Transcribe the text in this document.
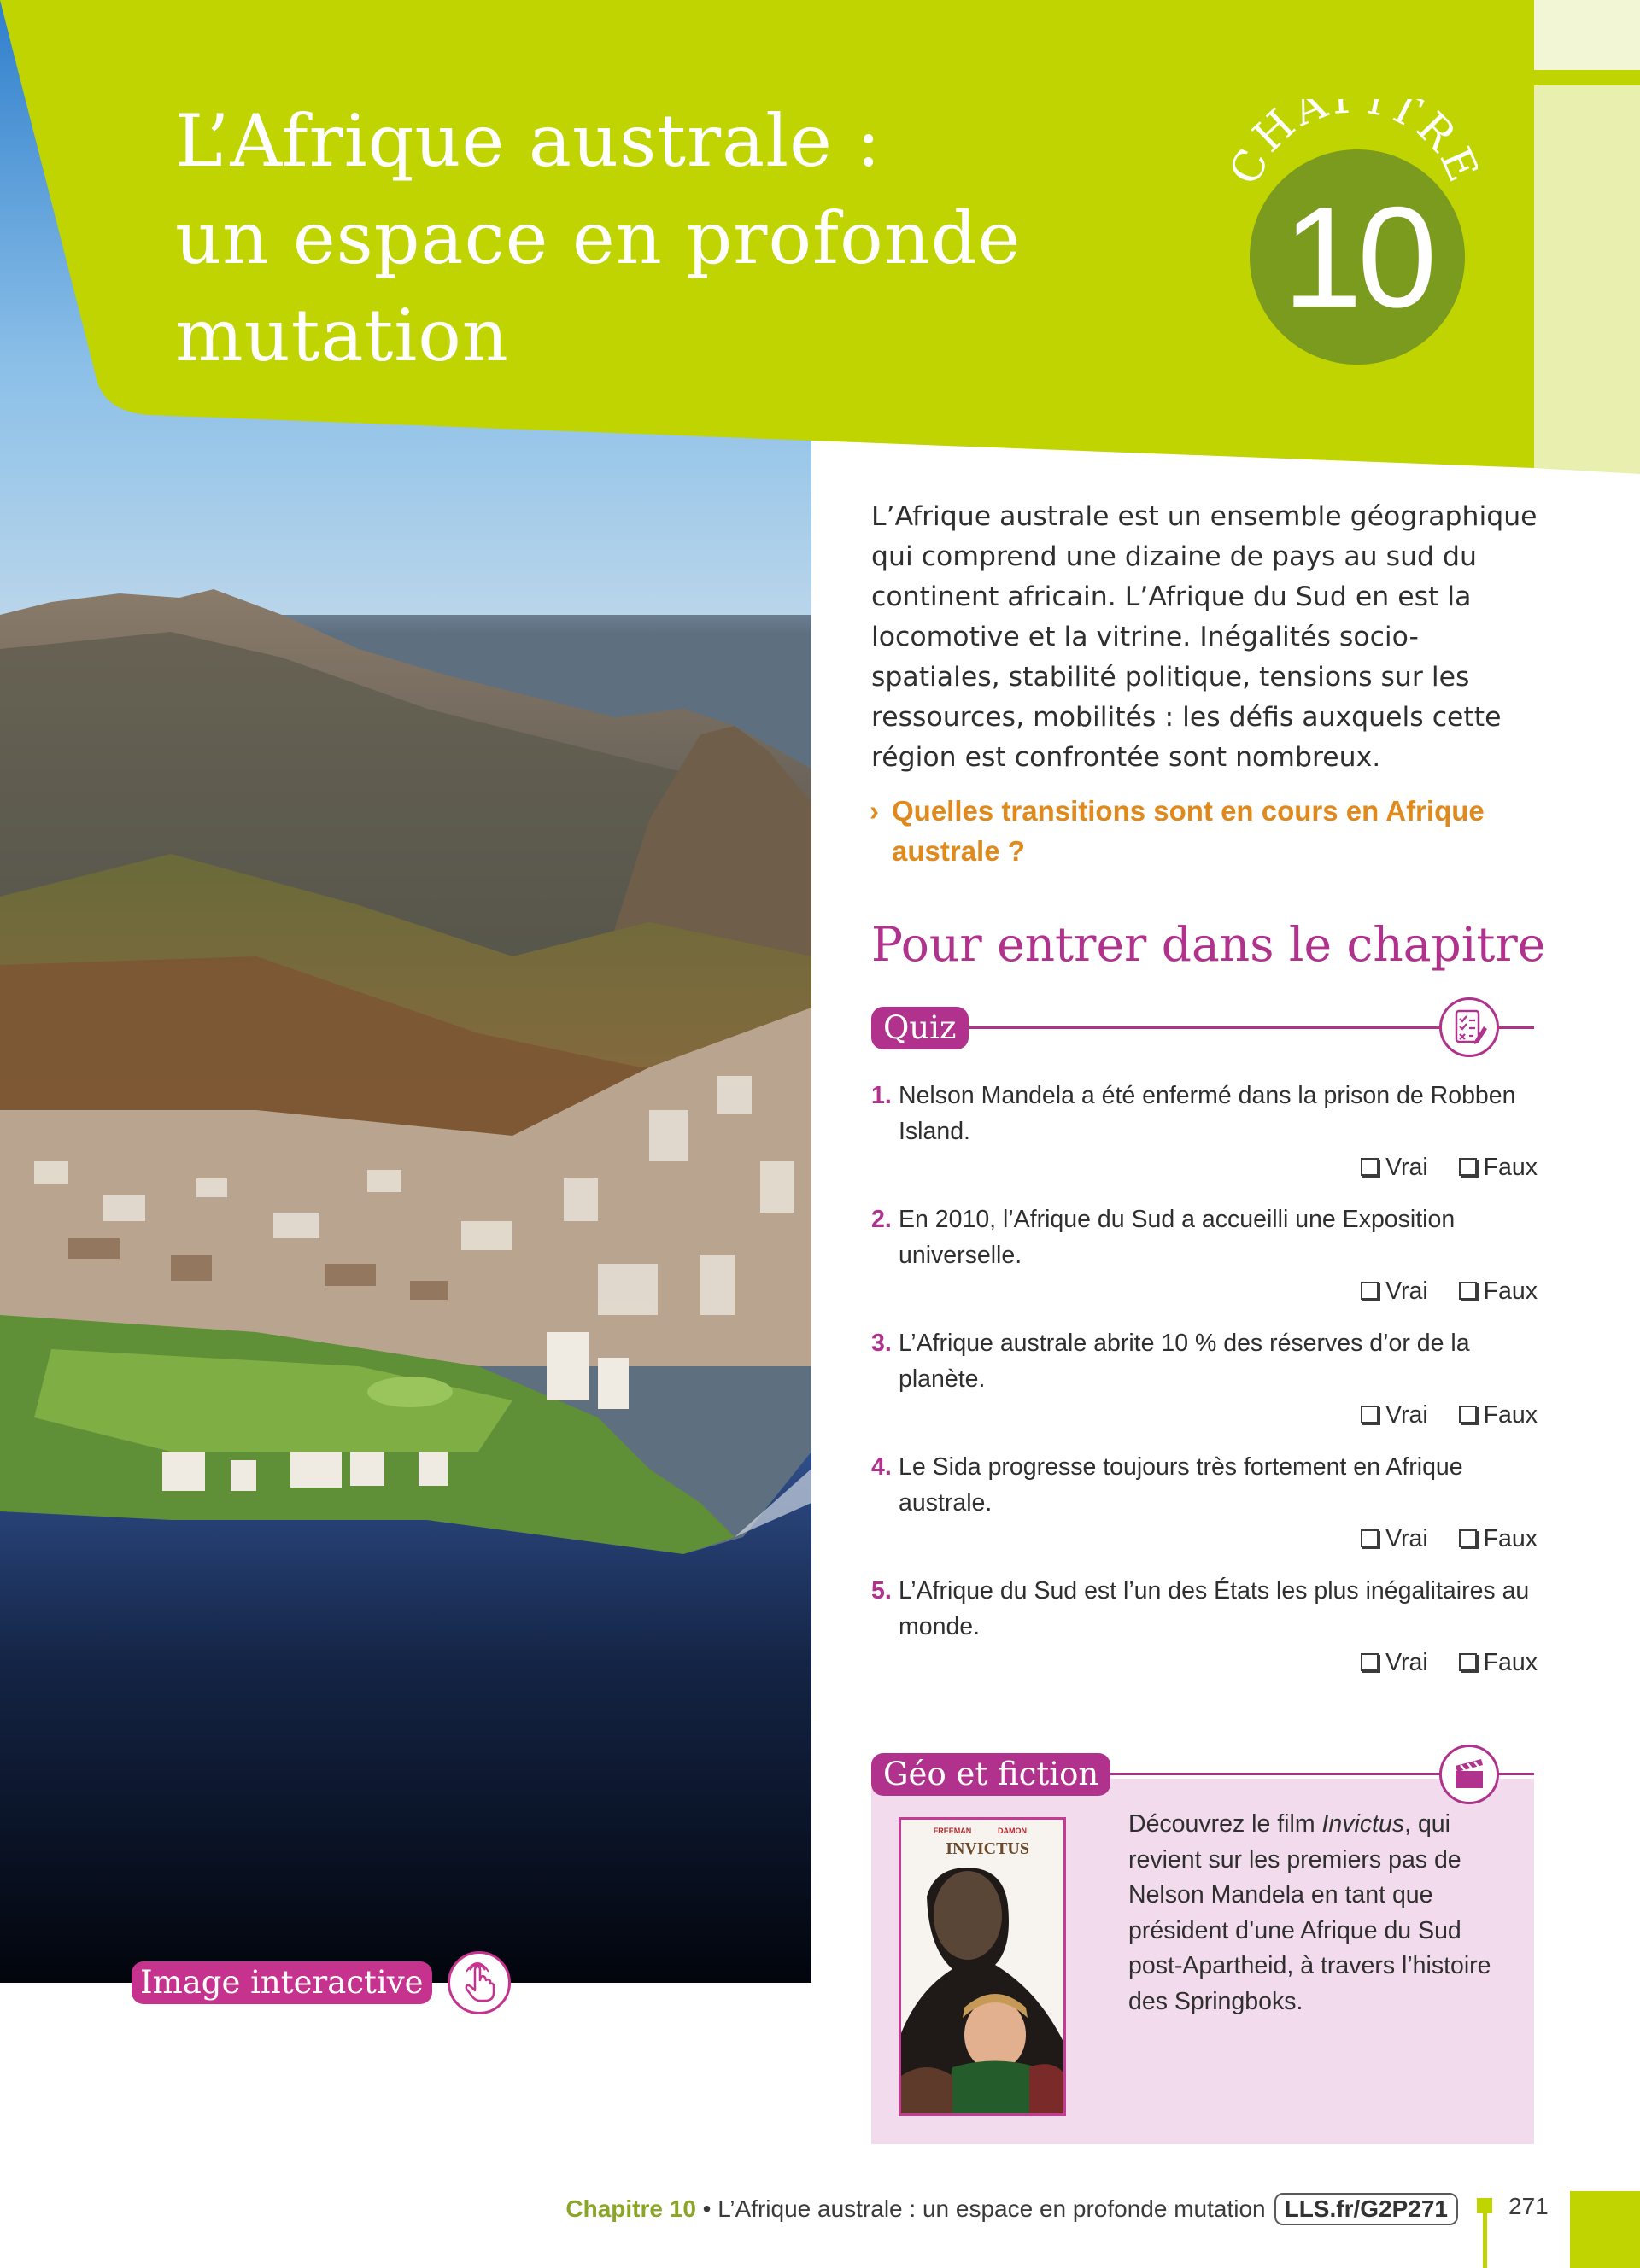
L’Afrique australe :
un espace en profonde
mutation
HA ITR
10

L’Afrique australe est un ensemble géographique qui comprend une dizaine de pays au sud du continent africain. L’Afrique du Sud en est la locomotive et la vitrine. Inégalités socio-spatiales, stabilité politique, tensions sur les ressources, mobilités : les défis auxquels cette région est confrontée sont nombreux.

› Quelles transitions sont en cours en Afrique australe ?

Pour entrer dans le chapitre
Quiz
1. Nelson Mandela a été enfermé dans la prison de Robben Island.
Vrai Faux
2. En 2010, l’Afrique du Sud a accueilli une Exposition universelle.
Vrai Faux
3. L’Afrique australe abrite 10 % des réserves d’or de la planète.
Vrai Faux
4. Le Sida progresse toujours très fortement en Afrique australe.
Vrai Faux
5. L’Afrique du Sud est l’un des États les plus inégalitaires au monde.
Vrai Faux
Géo et fiction
FREEMAN	DAMON
INVICTUS

Découvrez le film Invictus, qui revient sur les premiers pas de Nelson Mandela en tant que président d’une Afrique du Sud post-Apartheid, à travers l’histoire des Springboks.

Image interactive
Chapitre 10 • L’Afrique australe : un espace en profonde mutation LLS.fr/G2P271	271
